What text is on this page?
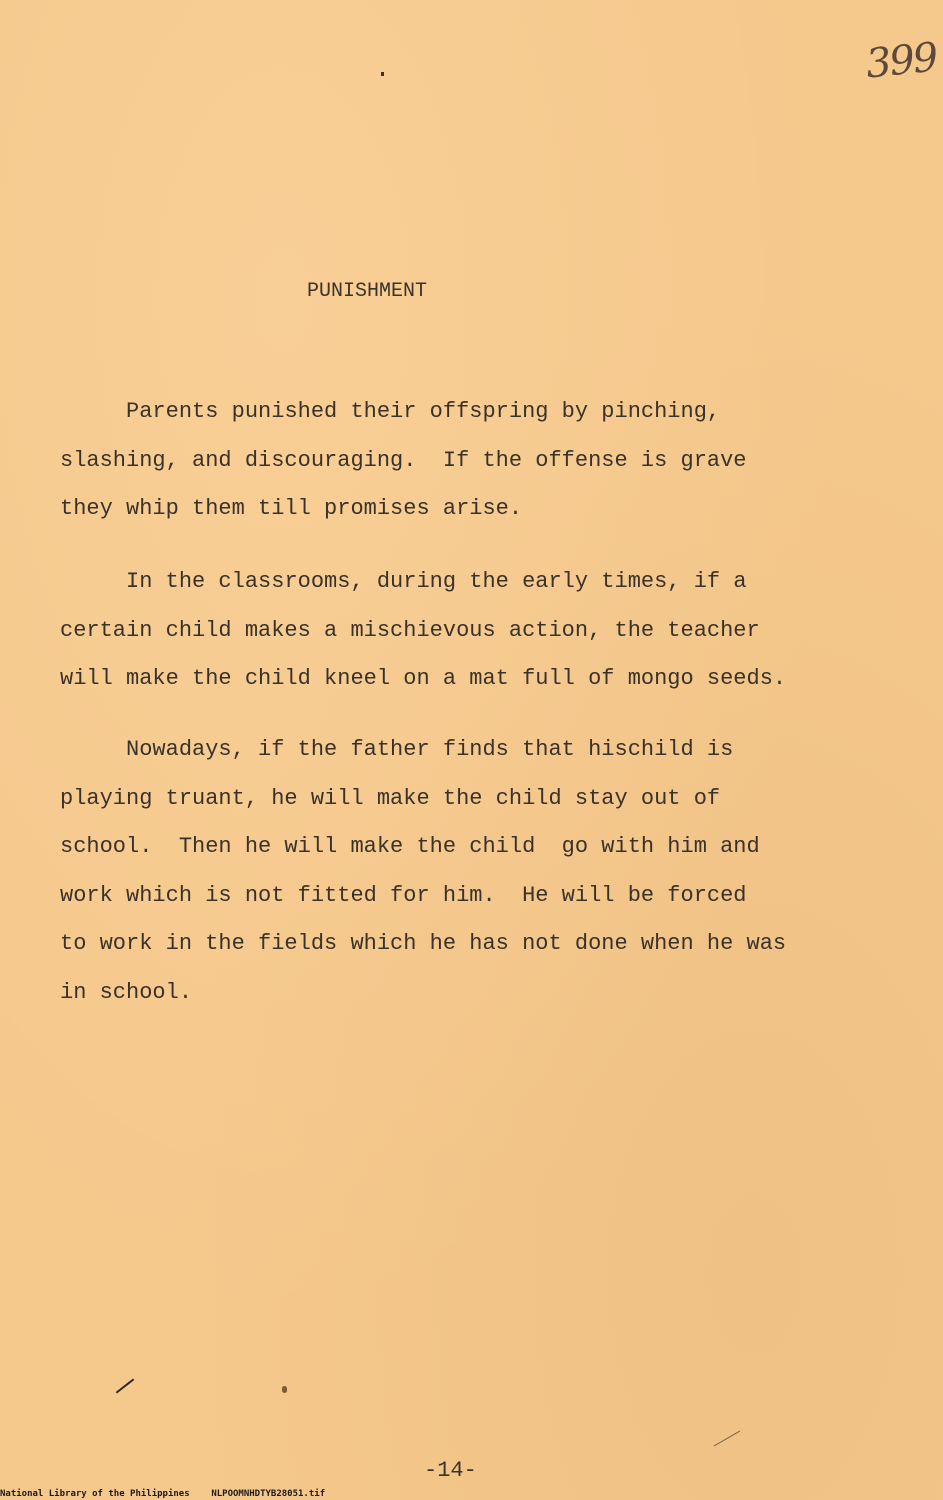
399
PUNISHMENT
Parents punished their offspring by pinching,
slashing, and discouraging.  If the offense is grave
they whip them till promises arise.
In the classrooms, during the early times, if a
certain child makes a mischievous action, the teacher
will make the child kneel on a mat full of mongo seeds.
Nowadays, if the father finds that hischild is
playing truant, he will make the child stay out of
school.  Then he will make the child  go with him and
work which is not fitted for him.  He will be forced
to work in the fields which he has not done when he was
in school.
-14-
National Library of the Philippines    NLPOOMNHDTYB28051.tif
